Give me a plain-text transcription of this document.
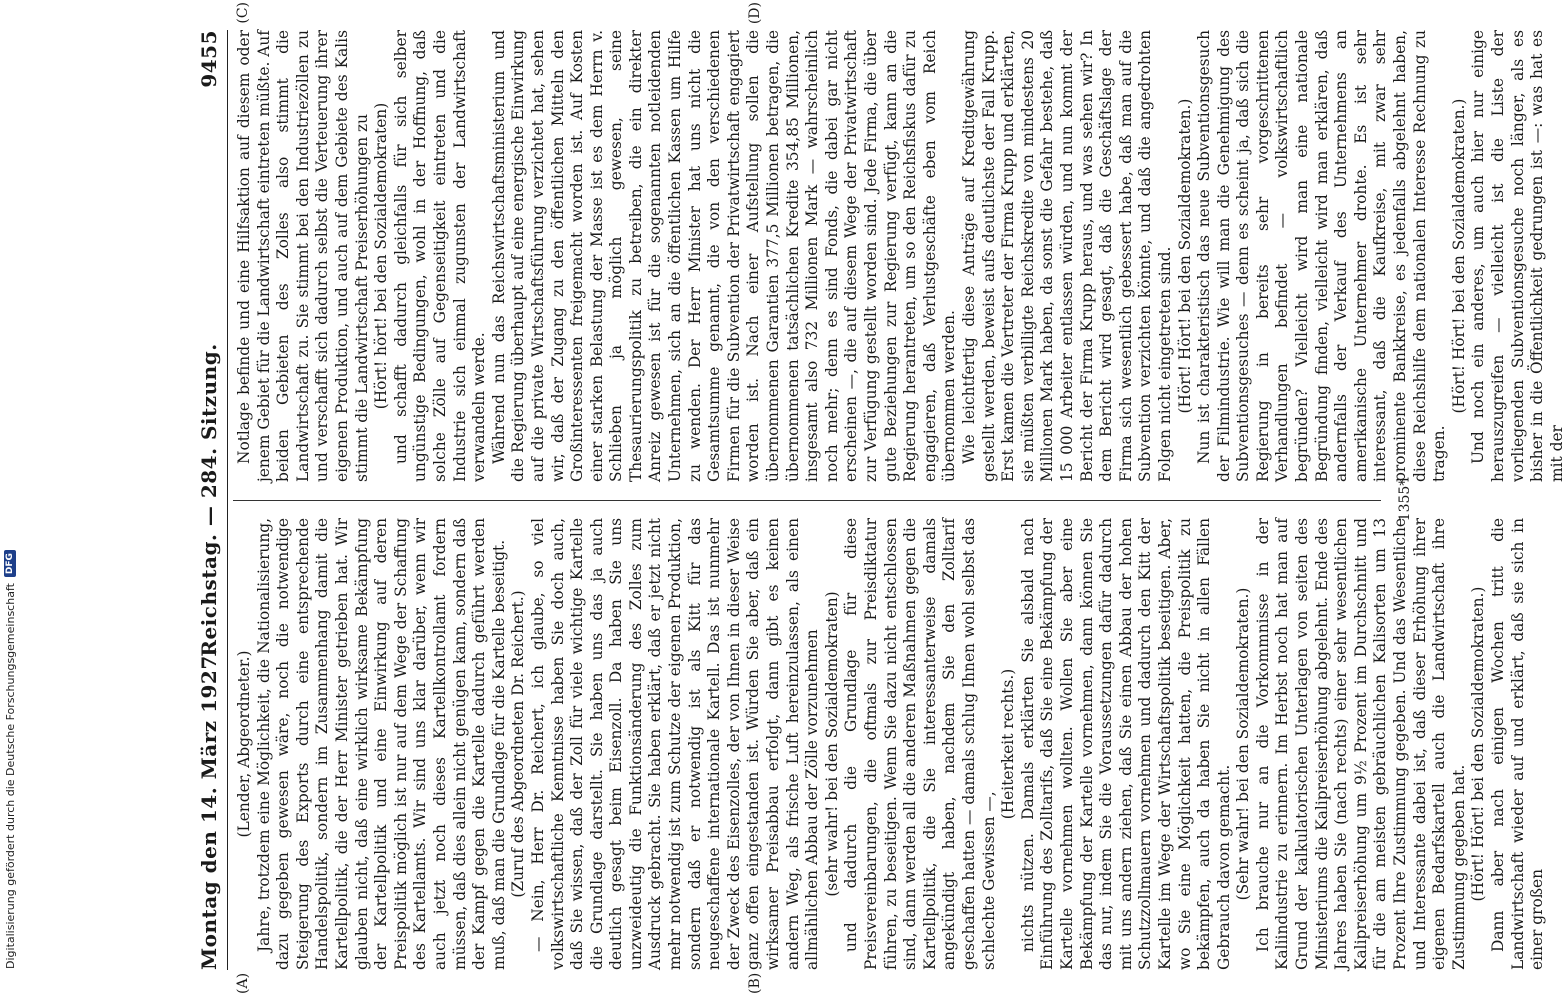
Montag den 14. März 1927.
Reichstag. — 284. Sitzung.
9455

(Lender, Abgeordneter.) Jahre, trotzdem eine Möglichkeit, die Nationalisierung, dazu gegeben gewesen wäre, noch die notwendige Steigerung des Exports durch eine entsprechende Handelspolitik, sondern im Zusammenhang damit die Kartellpolitik, die der Herr Minister getrieben hat. Wir glauben nicht, daß eine wirklich wirksame Bekämpfung der Kartellpolitik und eine Einwirkung auf deren Preispolitik möglich ist nur auf dem Wege der Schaffung des Kartellamts. Wir sind uns klar darüber, wenn wir auch jetzt noch dieses Kartellkontrollamt fordern müssen, daß dies allein nicht genügen kann, sondern daß der Kampf gegen die Kartelle dadurch geführt werden muß, daß man die Grundlage für die Kartelle beseitigt. (Zuruf des Abgeordneten Dr. Reichert.) — Nein, Herr Dr. Reichert, ich glaube, so viel volkswirtschaftliche Kenntnisse haben Sie doch auch, daß Sie wissen, daß der Zoll für viele wichtige Kartelle die Grundlage darstellt. Sie haben uns das ja auch deutlich gesagt beim Eisenzoll. Da haben Sie uns unzweideutig die Funktionsänderung des Zolles zum Ausdruck gebracht. Sie haben erklärt, daß er jetzt nicht mehr notwendig ist zum Schutze der eigenen Produktion, sondern daß er notwendig ist als Kitt für das neugeschaffene internationale Kartell. Das ist nunmehr der Zweck des Eisenzolles, der von Ihnen in dieser Weise ganz offen eingestanden ist. Würden Sie aber, daß ein wirksamer Preisabbau erfolgt, dann gibt es keinen andern Weg, als frische Luft hereinzulassen, als einen allmählichen Abbau der Zölle vorzunehmen (sehr wahr! bei den Sozialdemokraten) und dadurch die Grundlage für diese Preisvereinbarungen, die oftmals zur Preisdiktatur führen, zu beseitigen. Wenn Sie dazu nicht entschlossen sind, dann werden all die anderen Maßnahmen gegen die Kartellpolitik, die Sie interessanterweise damals angekündigt haben, nachdem Sie den Zolltarif geschaffen hatten — damals schlug Ihnen wohl selbst das schlechte Gewissen —,

(Heiterkeit rechts.) nichts nützen. Damals erklärten Sie alsbald nach Einführung des Zolltarifs, daß Sie eine Bekämpfung der Kartelle vornehmen wollten. Wollen Sie aber eine Bekämpfung der Kartelle vornehmen, dann können Sie das nur, indem Sie die Voraussetzungen dafür dadurch mit uns andern ziehen, daß Sie einen Abbau der hohen Schutzzollmauern vornehmen und dadurch den Kitt der Kartelle im Wege der Wirtschaftspolitik beseitigen. Aber, wo Sie eine Möglichkeit hatten, die Preispolitik zu bekämpfen, auch da haben Sie nicht in allen Fällen Gebrauch davon gemacht. (Sehr wahr! bei den Sozialdemokraten.) Ich brauche nur an die Vorkommnisse in der Kaliindustrie zu erinnern. Im Herbst noch hat man auf Grund der kalkulatorischen Unterlagen von seiten des Ministeriums die Kalipreiserhöhung abgelehnt. Ende des Jahres haben Sie (nach rechts) einer sehr wesentlichen Kalipreiserhöhung um 9½ Prozent im Durchschnitt und für die am meisten gebräuchlichen Kalisorten um 13 Prozent Ihre Zustimmung gegeben. Und das Wesentliche und Interessante dabei ist, daß dieser Erhöhung ihrer eigenen Bedarfskartell auch die Landwirtschaft ihre Zustimmung gegeben hat. (Hört! Hört! bei den Sozialdemokraten.) Dann aber nach einigen Wochen tritt die Landwirtschaft wieder auf und erklärt, daß sie sich in einer großen

Notlage befinde und eine Hilfsaktion auf diesem oder jenem Gebiet für die Landwirtschaft eintreten müßte. Auf beiden Gebieten des Zolles also stimmt die Landwirtschaft zu. Sie stimmt bei den Industriezöllen zu und verschafft sich dadurch selbst die Verteuerung ihrer eigenen Produktion, und auch auf dem Gebiete des Kalis stimmt die Landwirtschaft Preiserhöhungen zu (Hört! hört! bei den Sozialdemokraten) und schafft dadurch gleichfalls für sich selber ungünstige Bedingungen, wohl in der Hoffnung, daß solche Zölle auf Gegenseitigkeit eintreten und die Industrie sich einmal zugunsten der Landwirtschaft verwandeln werde. Während nun das Reichswirtschaftsministerium und die Regierung überhaupt auf eine energische Einwirkung auf die private Wirtschaftsführung verzichtet hat, sehen wir, daß der Zugang zu den öffentlichen Mitteln den Großinteressenten freigemacht worden ist. Auf Kosten einer starken Belastung der Masse ist es dem Herrn v. Schlieben ja möglich gewesen, seine Thesaurierungspolitik zu betreiben, die ein direkter Anreiz gewesen ist für die sogenannten notleidenden Unternehmen, sich an die öffentlichen Kassen um Hilfe zu wenden. Der Herr Minister hat uns nicht die Gesamtsumme genannt, die von den verschiedenen Firmen für die Subvention der Privatwirtschaft engagiert worden ist. Nach einer Aufstellung sollen die übernommenen Garantien 377,5 Millionen betragen, die übernommenen tatsächlichen Kredite 354,85 Millionen, insgesamt also 732 Millionen Mark — wahrscheinlich noch mehr; denn es sind Fonds, die dabei gar nicht erscheinen —, die auf diesem Wege der Privatwirtschaft zur Verfügung gestellt worden sind. Jede Firma, die über gute Beziehungen zur Regierung verfügt, kann an die Regierung herantreten, um so den Reichsfiskus dafür zu engagieren, daß Verlustgeschäfte eben vom Reich übernommen werden. Wie leichtfertig diese Anträge auf Kreditgewährung gestellt werden, beweist aufs deutlichste der Fall Krupp. Erst kamen die Vertreter der Firma Krupp und erklärten, sie müßten verbilligte Reichskredite von mindestens 20 Millionen Mark haben, da sonst die Gefahr bestehe, daß 15 000 Arbeiter entlassen würden, und nun kommt der Bericht der Firma Krupp heraus, und was sehen wir? In dem Bericht wird gesagt, daß die Geschäftslage der Firma sich wesentlich gebessert habe, daß man auf die Subvention verzichten könnte, und daß die angedrohten Folgen nicht eingetreten sind. (Hört! Hört! bei den Sozialdemokraten.) Nun ist charakteristisch das neue Subventionsgesuch der Filmindustrie. Wie will man die Genehmigung des Subventionsgesuches — denn es scheint ja, daß sich die Regierung in bereits sehr vorgeschrittenen Verhandlungen befindet — volkswirtschaftlich begründen? Vielleicht wird man eine nationale Begründung finden, vielleicht wird man erklären, daß andernfalls der Verkauf des Unternehmens an amerikanische Unternehmer drohte. Es ist sehr interessant, daß die Kaufkreise, mit zwar sehr prominente Bankkreise, es jedenfalls abgelehnt haben, diese Reichshilfe dem nationalen Interesse Rechnung zu tragen.

(Hört! Hört! bei den Sozialdemokraten.) Und noch ein anderes, um auch hier nur einige herauszugreifen — vielleicht ist die Liste der vorliegenden Subventionsgesuche noch länger, als es bisher in die Öffentlichkeit gedrungen ist —: was hat es mit der

(A)	(B)
(C)	(D)
1355*
Digitalisierung gefördert durch die Deutsche Forschungsgemeinschaft
DFG
